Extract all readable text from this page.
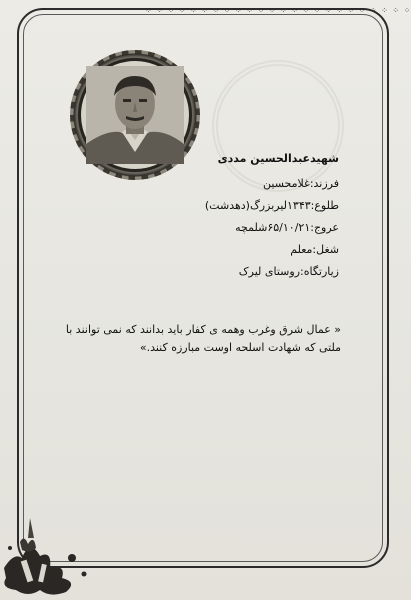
⁘ ⁘ ⁘ ⁘ ⁘ ⁘ ⁘ ⁘ ⁘ ⁘ ⁘ ⁘ ⁘ ⁘ ⁘ ⁘ ⁘ ⁘ ⁘ ⁘ ⁘ ⁘ ⁘ ⁘
شهیدعبدالحسین مددی
فرزند:غلامحسین
طلوع:۱۳۴۳لیربزرگ(دهدشت)
عروج:۶۵/۱۰/۲۱شلمچه
شغل:معلم
زیارتگاه:روستای لیرک
« عمال شرق وغرب وهمه ی کفار باید بدانند که نمی توانند با ملتی که شهادت اسلحه اوست مبارزه کنند.»
